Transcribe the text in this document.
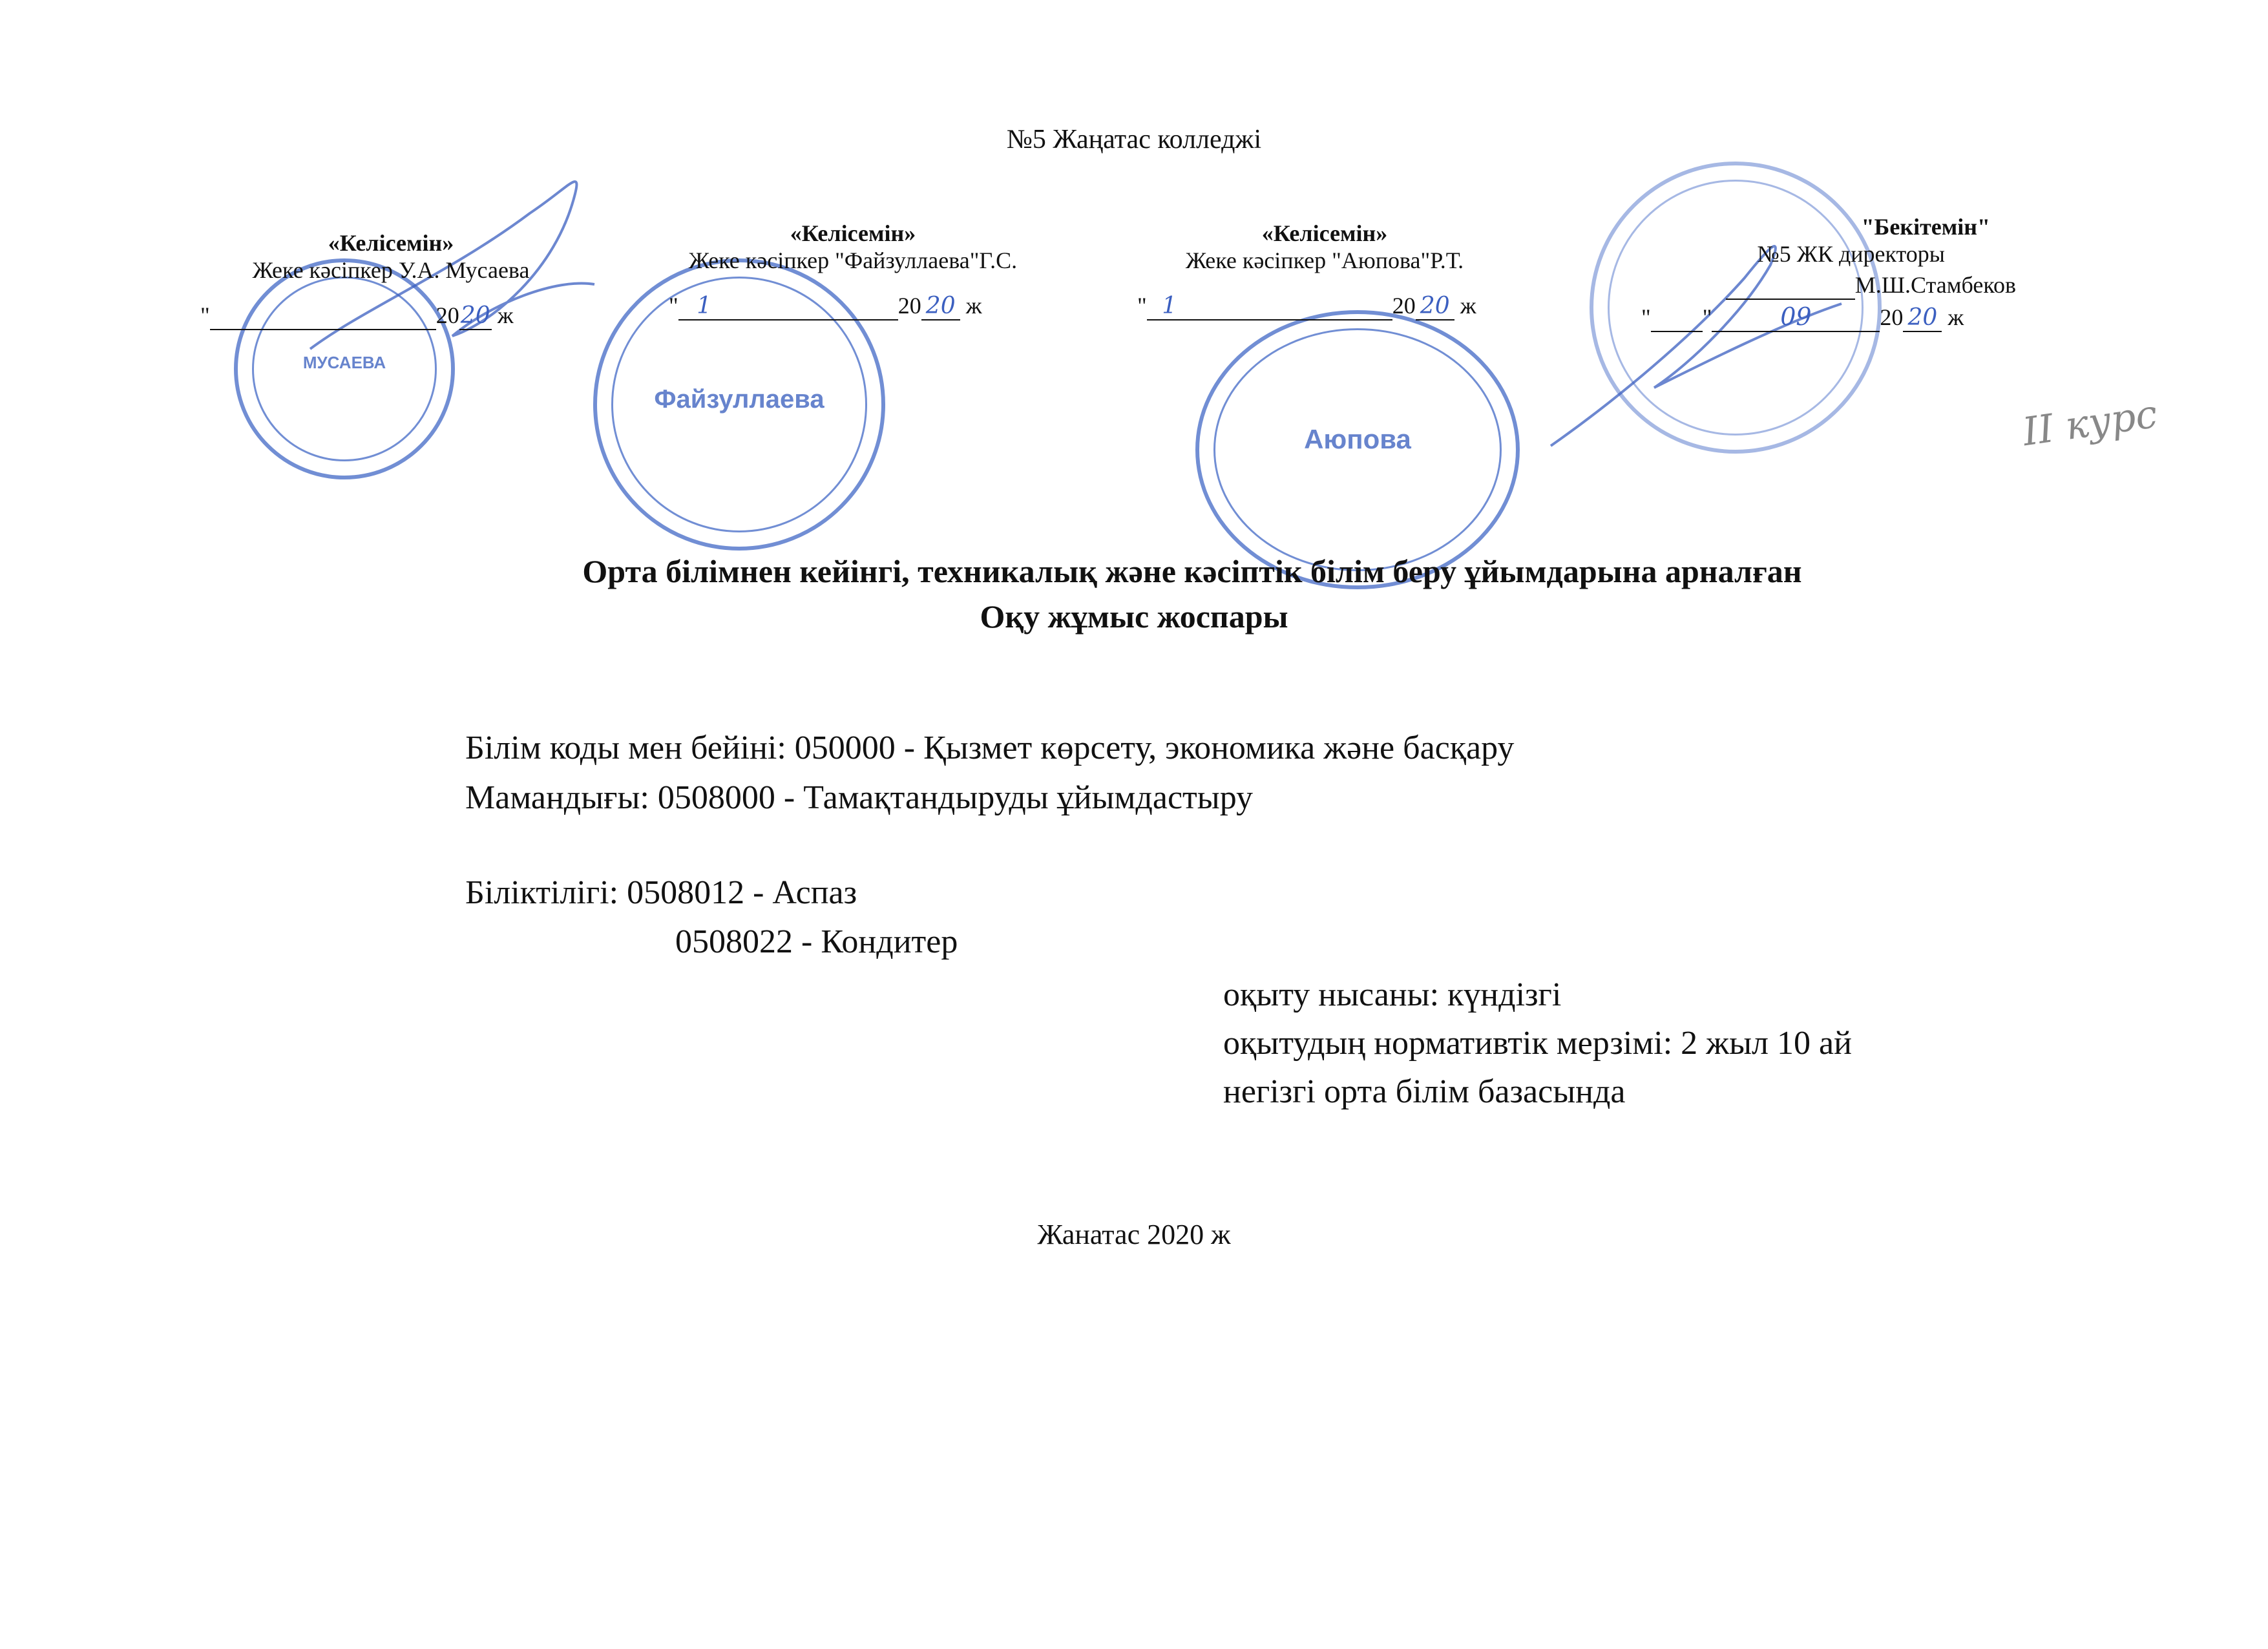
№5 Жаңатас колледжі
МУСАЕВА
Файзуллаева
Аюпова
«Келісемін»
Жеке кәсіпкер У.А. Мусаева
"	2020 ж
«Келісемін»
Жеке кәсіпкер "Файзуллаева"Г.С.
" 1	20 20 ж
«Келісемін»
Жеке кәсіпкер "Аюпова"Р.Т.
" 1	20 20 ж
"Бекітемін"
№5 ЖК директоры
М.Ш.Стамбеков
" "	09	20 20 ж
II курс
Орта білімнен кейінгі, техникалық және кәсіптік білім беру ұйымдарына арналған
Оқу жұмыс жоспары
Білім коды мен бейіні: 050000 - Қызмет көрсету, экономика және басқару
Мамандығы: 0508000 - Тамақтандыруды ұйымдастыру
Біліктілігі: 0508012 - Аспаз
0508022 - Кондитер
оқыту нысаны: күндізгі
оқытудың нормативтік мерзімі: 2 жыл 10 ай
негізгі орта білім базасында
Жанатас 2020 ж
